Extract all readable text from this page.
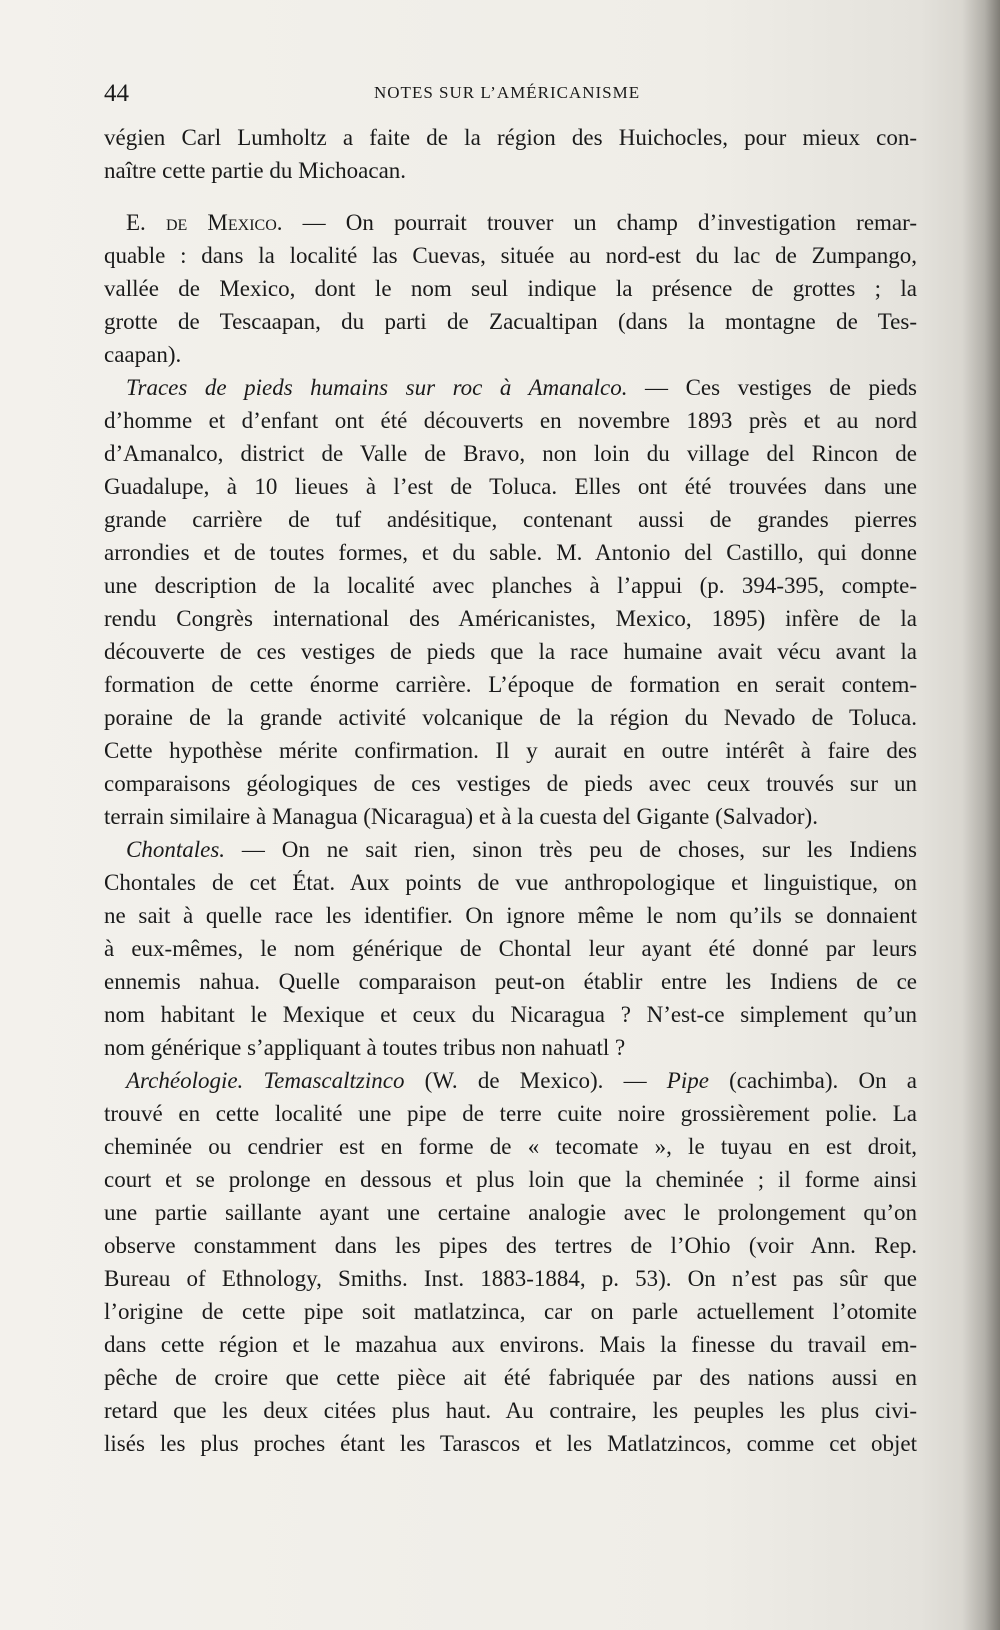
44	NOTES SUR L’AMÉRICANISME
végien Carl Lumholtz a faite de la région des Huichocles, pour mieux con-
naître cette partie du Michoacan.
E. de Mexico. — On pourrait trouver un champ d’investigation remar-
quable : dans la localité las Cuevas, située au nord-est du lac de Zumpango,
vallée de Mexico, dont le nom seul indique la présence de grottes ; la
grotte de Tescaapan, du parti de Zacualtipan (dans la montagne de Tes-
caapan).
Traces de pieds humains sur roc à Amanalco. — Ces vestiges de pieds
d’homme et d’enfant ont été découverts en novembre 1893 près et au nord
d’Amanalco, district de Valle de Bravo, non loin du village del Rincon de
Guadalupe, à 10 lieues à l’est de Toluca. Elles ont été trouvées dans une
grande carrière de tuf andésitique, contenant aussi de grandes pierres
arrondies et de toutes formes, et du sable. M. Antonio del Castillo, qui donne
une description de la localité avec planches à l’appui (p. 394-395, compte-
rendu Congrès international des Américanistes, Mexico, 1895) infère de la
découverte de ces vestiges de pieds que la race humaine avait vécu avant la
formation de cette énorme carrière. L’époque de formation en serait contem-
poraine de la grande activité volcanique de la région du Nevado de Toluca.
Cette hypothèse mérite confirmation. Il y aurait en outre intérêt à faire des
comparaisons géologiques de ces vestiges de pieds avec ceux trouvés sur un
terrain similaire à Managua (Nicaragua) et à la cuesta del Gigante (Salvador).
Chontales. — On ne sait rien, sinon très peu de choses, sur les Indiens
Chontales de cet État. Aux points de vue anthropologique et linguistique, on
ne sait à quelle race les identifier. On ignore même le nom qu’ils se donnaient
à eux-mêmes, le nom générique de Chontal leur ayant été donné par leurs
ennemis nahua. Quelle comparaison peut-on établir entre les Indiens de ce
nom habitant le Mexique et ceux du Nicaragua ? N’est-ce simplement qu’un
nom générique s’appliquant à toutes tribus non nahuatl ?
Archéologie. Temascaltzinco (W. de Mexico). — Pipe (cachimba). On a
trouvé en cette localité une pipe de terre cuite noire grossièrement polie. La
cheminée ou cendrier est en forme de « tecomate », le tuyau en est droit,
court et se prolonge en dessous et plus loin que la cheminée ; il forme ainsi
une partie saillante ayant une certaine analogie avec le prolongement qu’on
observe constamment dans les pipes des tertres de l’Ohio (voir Ann. Rep.
Bureau of Ethnology, Smiths. Inst. 1883-1884, p. 53). On n’est pas sûr que
l’origine de cette pipe soit matlatzinca, car on parle actuellement l’otomite
dans cette région et le mazahua aux environs. Mais la finesse du travail em-
pêche de croire que cette pièce ait été fabriquée par des nations aussi en
retard que les deux citées plus haut. Au contraire, les peuples les plus civi-
lisés les plus proches étant les Tarascos et les Matlatzincos, comme cet objet
